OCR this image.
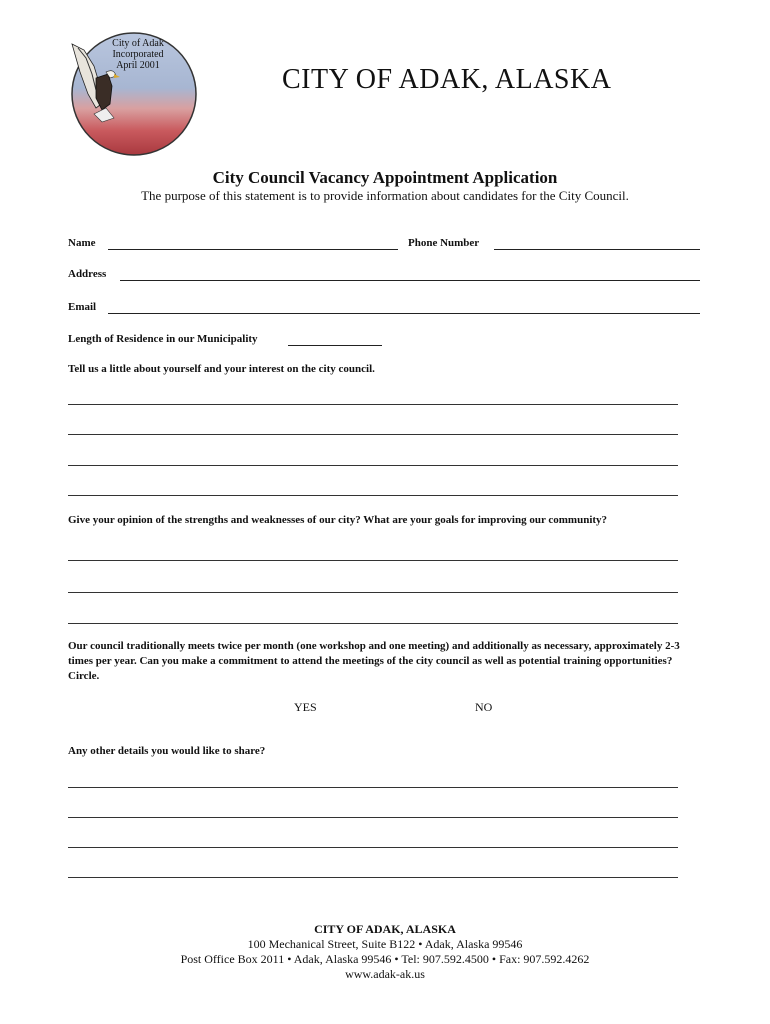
City of Adak
Incorporated
April 2001	CITY OF ADAK, ALASKA
City Council Vacancy Appointment Application
The purpose of this statement is to provide information about candidates for the City Council.
Name	Phone Number
Address
Email
Length of Residence in our Municipality
Tell us a little about yourself and your interest on the city council.
Give your opinion of the strengths and weaknesses of our city? What are your goals for improving our community?
Our council traditionally meets twice per month (one workshop and one meeting) and additionally as necessary, approximately 2-3 times per year. Can you make a commitment to attend the meetings of the city council as well as potential training opportunities? Circle.
YES	NO
Any other details you would like to share?
CITY OF ADAK, ALASKA
100 Mechanical Street, Suite B122 • Adak, Alaska 99546
Post Office Box 2011 • Adak, Alaska 99546 • Tel: 907.592.4500 • Fax: 907.592.4262
www.adak-ak.us
